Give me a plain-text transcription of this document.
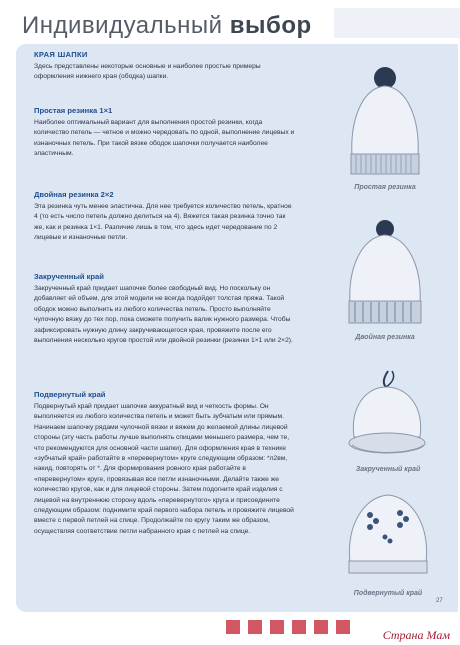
Индивидуальный выбор
КРАЯ ШАПКИ
Здесь представлены некоторые основные и наиболее простые примеры оформления нижнего края (ободка) шапки.
Простая резинка 1×1
Наиболее оптимальный вариант для выполнения простой резинки, когда количество петель — четное и можно чередовать по одной, выполнение лицевых и изнаночных петель. При такой вязке ободок шапочки получается наиболее эластичным.
Двойная резинка 2×2
Эта резинка чуть менее эластична. Для нее требуется количество петель, кратное 4 (то есть число петель должно делиться на 4). Вяжется такая резинка точно так же, как и резинка 1×1. Различие лишь в том, что здесь идет чередование по 2 лицевые и изнаночные петли.
Закрученный край
Закрученный край придает шапочке более свободный вид. Но поскольку он добавляет ей объем, для этой модели не всегда подойдет толстая пряжа. Такой ободок можно выполнить из любого количества петель. Просто выполняйте чулочную вязку до тех пор, пока сможете получить валик нужного размера. Чтобы зафиксировать нужную длину закручивающегося края, провяжите после его выполнения несколько кругов простой или двойной резинки (резинки 1×1 или 2×2).
Подвернутый край
Подвернутый край придает шапочке аккуратный вид и четкость формы. Он выполняется из любого количества петель и может быть зубчатым или прямым. Начинаем шапочку рядами чулочной вязки и вяжем до желаемой длины лицевой стороны (эту часть работы лучше выполнять спицами меньшего размера, чем те, что рекомендуются для основной части шапки). Для оформления края в технике «зубчатый край» работайте в «перевернутом» круге следующим образом: *л2вм, накид, повторять от *. Для формирования ровного края работайте в «перевернутом» круге, провязывая все петли изнаночными. Делайте также же количество кругов, как и для лицевой стороны. Затем подогните край изделия с лицевой на внутреннюю сторону вдоль «перевернутого» круга и присоедините следующим образом: поднимите край первого набора петель и провяжите лицевой вместе с первой петлей на спице. Продолжайте по кругу таким же образом, осуществляя соответствие петли набранного края с петлей на спице.
Простая резинка
Двойная резинка
Закрученный край
Подвернутый край
27
Страна Мам
